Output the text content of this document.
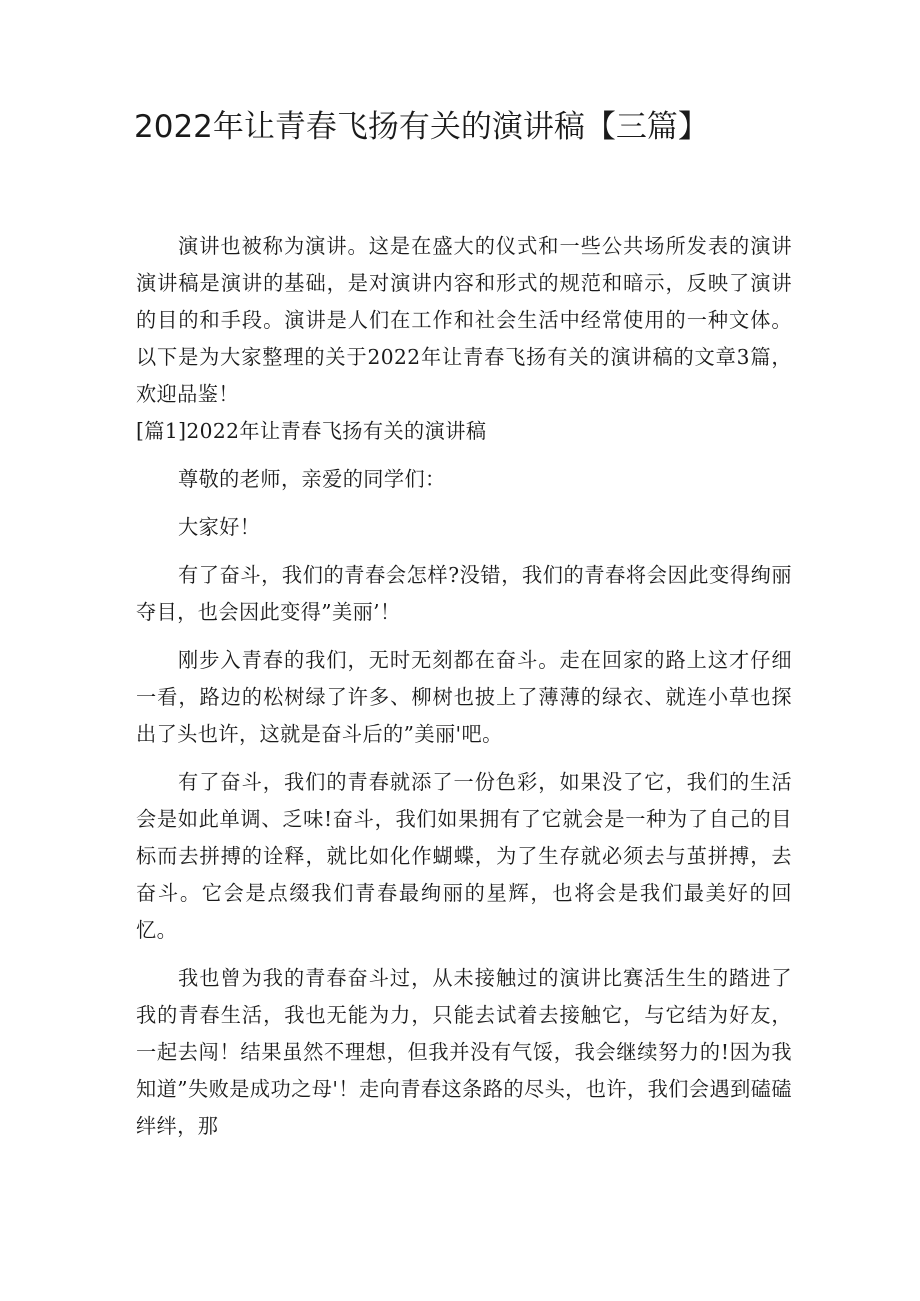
2022年让青春飞扬有关的演讲稿【三篇】

演讲也被称为演讲。这是在盛大的仪式和一些公共场所发表的演讲演讲稿是演讲的基础，是对演讲内容和形式的规范和暗示，反映了演讲的目的和手段。演讲是人们在工作和社会生活中经常使用的一种文体。以下是为大家整理的关于2022年让青春飞扬有关的演讲稿的文章3篇，欢迎品鉴！

[篇1]2022年让青春飞扬有关的演讲稿

尊敬的老师，亲爱的同学们：

大家好！

有了奋斗，我们的青春会怎样?没错，我们的青春将会因此变得绚丽夺目，也会因此变得”美丽’！

刚步入青春的我们，无时无刻都在奋斗。走在回家的路上这才仔细一看，路边的松树绿了许多、柳树也披上了薄薄的绿衣、就连小草也探出了头也许，这就是奋斗后的”美丽'吧。

有了奋斗，我们的青春就添了一份色彩，如果没了它，我们的生活会是如此单调、乏味!奋斗，我们如果拥有了它就会是一种为了自己的目标而去拼搏的诠释，就比如化作蝴蝶，为了生存就必须去与茧拼搏，去奋斗。它会是点缀我们青春最绚丽的星辉，也将会是我们最美好的回忆。

我也曾为我的青春奋斗过，从未接触过的演讲比赛活生生的踏进了我的青春生活，我也无能为力，只能去试着去接触它，与它结为好友，一起去闯！结果虽然不理想，但我并没有气馁，我会继续努力的!因为我知道”失败是成功之母'！走向青春这条路的尽头，也许，我们会遇到磕磕绊绊，那
